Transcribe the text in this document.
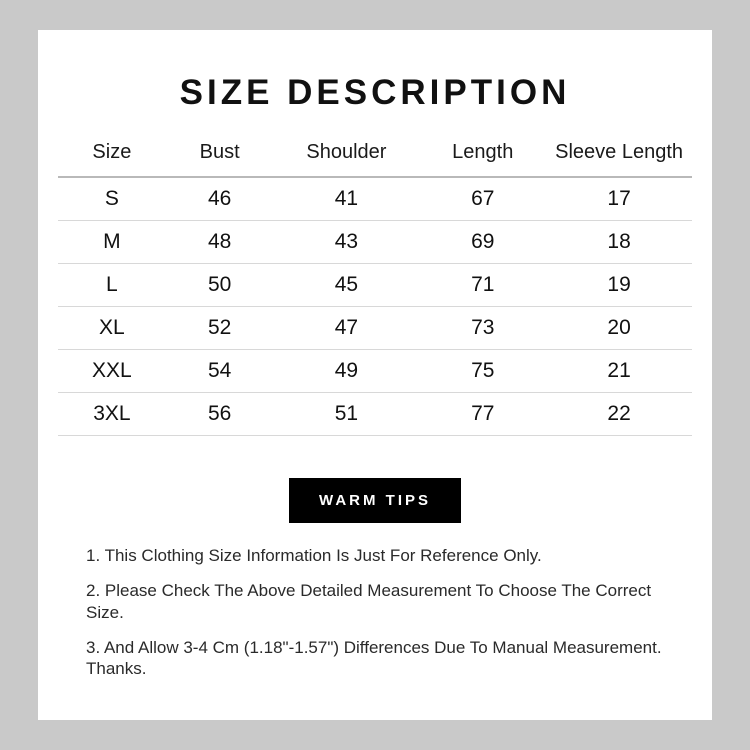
SIZE DESCRIPTION
Size	Bust	Shoulder	Length	Sleeve Length
S	46	41	67	17
M	48	43	69	18
L	50	45	71	19
XL	52	47	73	20
XXL	54	49	75	21
3XL	56	51	77	22
WARM TIPS
1. This Clothing Size Information Is Just For Reference Only.
2. Please Check The Above Detailed Measurement To Choose The Correct Size.
3. And Allow 3-4 Cm (1.18"-1.57") Differences Due To Manual Measurement. Thanks.
